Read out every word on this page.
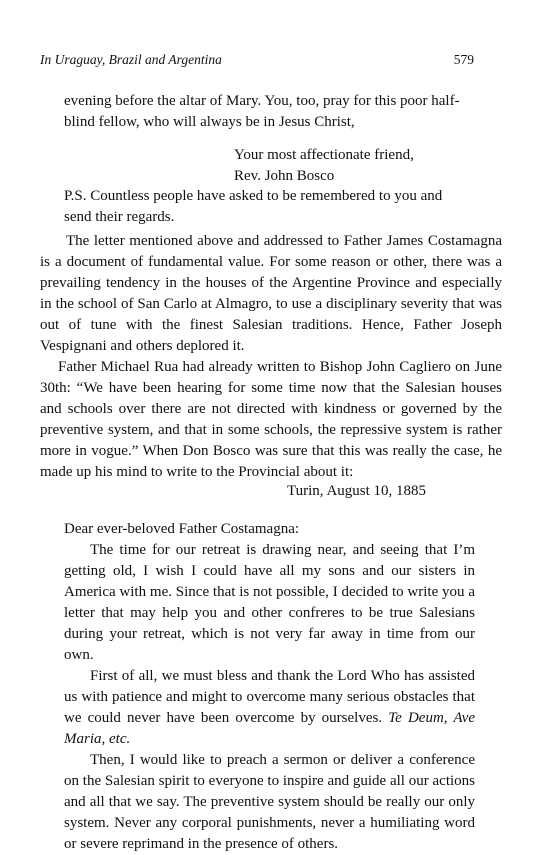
In Uraguay, Brazil and Argentina	579

evening before the altar of Mary. You, too, pray for this poor half-

blind fellow, who will always be in Jesus Christ,

Your most affectionate friend,

Rev. John Bosco

P.S. Countless people have asked to be remembered to you and

send their regards.

The letter mentioned above and addressed to Father James Costamagna is a document of fundamental value. For some reason or other, there was a prevailing tendency in the houses of the Argentine Province and especially in the school of San Carlo at Almagro, to use a disciplinary severity that was out of tune with the finest Salesian traditions. Hence, Father Joseph Vespignani and others deplored it.

Father Michael Rua had already written to Bishop John Cagliero on June 30th: “We have been hearing for some time now that the Salesian houses and schools over there are not directed with kindness or governed by the preventive system, and that in some schools, the repressive system is rather more in vogue.” When Don Bosco was sure that this was really the case, he made up his mind to write to the Provincial about it:

Turin, August 10, 1885

Dear ever-beloved Father Costamagna:

The time for our retreat is drawing near, and seeing that I’m getting old, I wish I could have all my sons and our sisters in America with me. Since that is not possible, I decided to write you a letter that may help you and other confreres to be true Salesians during your retreat, which is not very far away in time from our own.

First of all, we must bless and thank the Lord Who has assisted us with patience and might to overcome many serious obstacles that we could never have been overcome by ourselves. Te Deum, Ave Maria, etc.

Then, I would like to preach a sermon or deliver a conference on the Salesian spirit to everyone to inspire and guide all our actions and all that we say. The preventive system should be really our only system. Never any corporal punishments, never a humiliating word or severe reprimand in the presence of others.
